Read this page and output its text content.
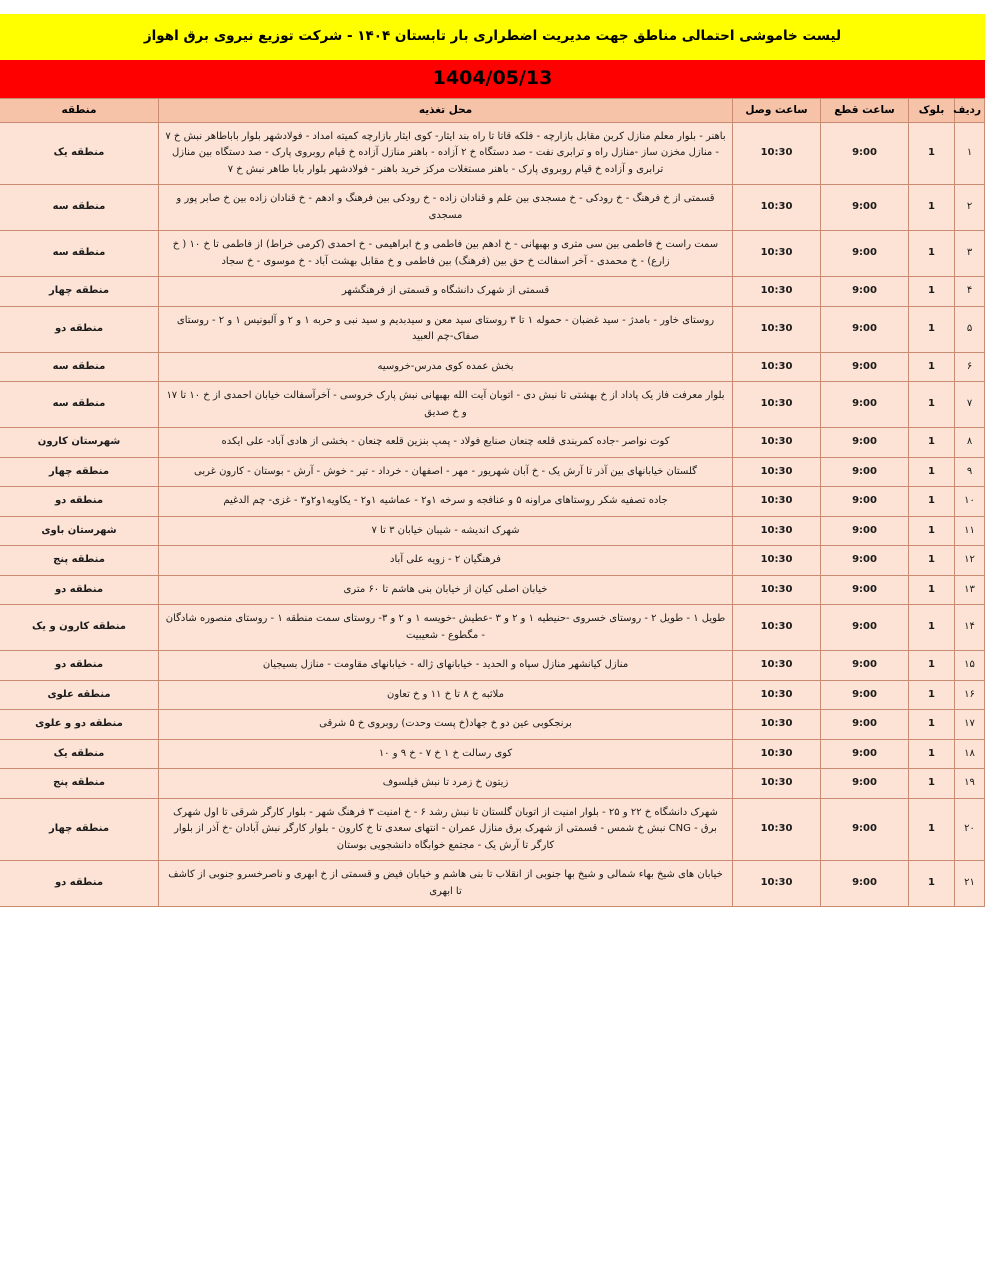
لیست خاموشی احتمالی مناطق جهت مدیریت اضطراری بار تابستان ۱۴۰۴ - شرکت توزیع نیروی برق اهواز
1404/05/13
ردیف	بلوک	ساعت قطع	ساعت وصل	محل تغذیه	منطقه
۱	1	9:00	10:30	باهنر - بلوار معلم منازل کربن مقابل بازارچه - فلکه قاتا تا راه بند ایثار- کوی ایثار بازارچه کمیته امداد - فولادشهر بلوار باباطاهر نبش خ ۷ - منازل مخزن ساز -منازل راه و ترابری نفت - صد دستگاه خ ۲ آزاده - باهنر منازل آزاده خ قیام روبروی پارک - صد دستگاه بین منازل ترابری و آزاده خ قیام روبروی پارک - باهنر مستغلات مرکز خرید باهنر - فولادشهر بلوار بابا طاهر نبش خ ۷	منطقه یک
۲	1	9:00	10:30	قسمتی از خ فرهنگ - خ رودکی - خ مسجدی بین علم و قنادان زاده - خ رودکی بین فرهنگ و ادهم - خ قنادان زاده بین خ صابر پور و مسجدی	منطقه سه
۳	1	9:00	10:30	سمت راست خ فاطمی بین سی متری و بهبهانی - خ ادهم بین فاطمی و خ ابراهیمی - خ احمدی (کرمی خراط) از فاطمی تا خ ۱۰ ( خ زارع) - خ محمدی - آخر اسفالت خ حق بین (فرهنگ) بین فاطمی و خ مقابل بهشت آباد - خ موسوی - خ سجاد	منطقه سه
۴	1	9:00	10:30	قسمتی از شهرک دانشگاه و قسمتی از فرهنگشهر	منطقه چهار
۵	1	9:00	10:30	روستای خاور - بامدژ - سید غضبان - حموله ۱ تا ۳ روستای سید معن و سیدبدیم و سید نبی و حربه ۱ و ۲ و آلبونیس ۱ و ۲ - روستای صفاک-چم العبید	منطقه دو
۶	1	9:00	10:30	بخش عمده کوی مدرس-خروسیه	منطقه سه
۷	1	9:00	10:30	بلوار معرفت فاز یک پاداد از خ بهشتی تا نبش دی - اتوبان آیت الله بهبهانی نبش پارک خروسی - آخرآسفالت خیابان احمدی از خ ۱۰ تا ۱۷ و خ صدیق	منطقه سه
۸	1	9:00	10:30	کوت نواصر -جاده کمربندی قلعه چنعان صنایع فولاد - پمپ بنزین قلعه چنعان - بخشی از هادی آباد- علی ایکده	شهرستان کارون
۹	1	9:00	10:30	گلستان خیابانهای بین آذر تا آرش یک - خ آبان شهریور - مهر - اصفهان - خرداد - تیر - خوش - آرش - بوستان - کارون غربی	منطقه چهار
۱۰	1	9:00	10:30	جاده تصفیه شکر روستاهای مراونه ۵ و عنافجه و سرخه ۱و۲ - عماشیه ۱و۲ - یکاویه۱و۲و۳ - غزی- چم الدغیم	منطقه دو
۱۱	1	9:00	10:30	شهرک اندیشه - شیبان خیابان ۳ تا ۷	شهرستان باوی
۱۲	1	9:00	10:30	فرهنگیان ۲ - زویه علی آباد	منطقه پنج
۱۳	1	9:00	10:30	خیابان اصلی کیان از خیابان بنی هاشم تا ۶۰ متری	منطقه دو
۱۴	1	9:00	10:30	طویل ۱ - طویل ۲ - روستای خسروی -حنیطیه ۱ و ۲ و ۳ -عطیش -خویسه ۱ و ۲ و ۳- روستای سمت منطقه ۱ - روستای منصوره شادگان - مگطوع - شعیبیت	منطقه کارون و یک
۱۵	1	9:00	10:30	منازل کیانشهر منازل سپاه و الحدید - خیابانهای ژاله - خیابانهای مقاومت - منازل بسیجیان	منطقه دو
۱۶	1	9:00	10:30	ملاثبه خ ۸ تا خ ۱۱ و خ تعاون	منطقه علوی
۱۷	1	9:00	10:30	برنجکوبی عین دو خ جهاد(خ پست وحدت) روبروی خ ۵ شرقی	منطقه دو و علوی
۱۸	1	9:00	10:30	کوی رسالت خ ۱ خ ۷ - خ ۹ و ۱۰	منطقه یک
۱۹	1	9:00	10:30	زیتون خ زمرد تا نبش فیلسوف	منطقه پنج
۲۰	1	9:00	10:30	شهرک دانشگاه خ ۲۲ و ۲۵ - بلوار امنیت از اتوبان گلستان تا نبش رشد ۶ - خ امنیت ۳ فرهنگ شهر - بلوار کارگر شرقی تا اول شهرک برق - CNG نبش خ شمس - قسمتی از شهرک برق منازل عمران - انتهای سعدی تا خ کارون - بلوار کارگر نبش آبادان -خ آذر از بلوار کارگر تا آرش یک - مجتمع خوابگاه دانشجویی بوستان	منطقه چهار
۲۱	1	9:00	10:30	خیابان های شیخ بهاء شمالی و شیخ بها جنوبی از انقلاب تا بنی هاشم و خیابان فیض و قسمتی از خ ابهری و ناصرخسرو جنوبی از کاشف تا ابهری	منطقه دو
